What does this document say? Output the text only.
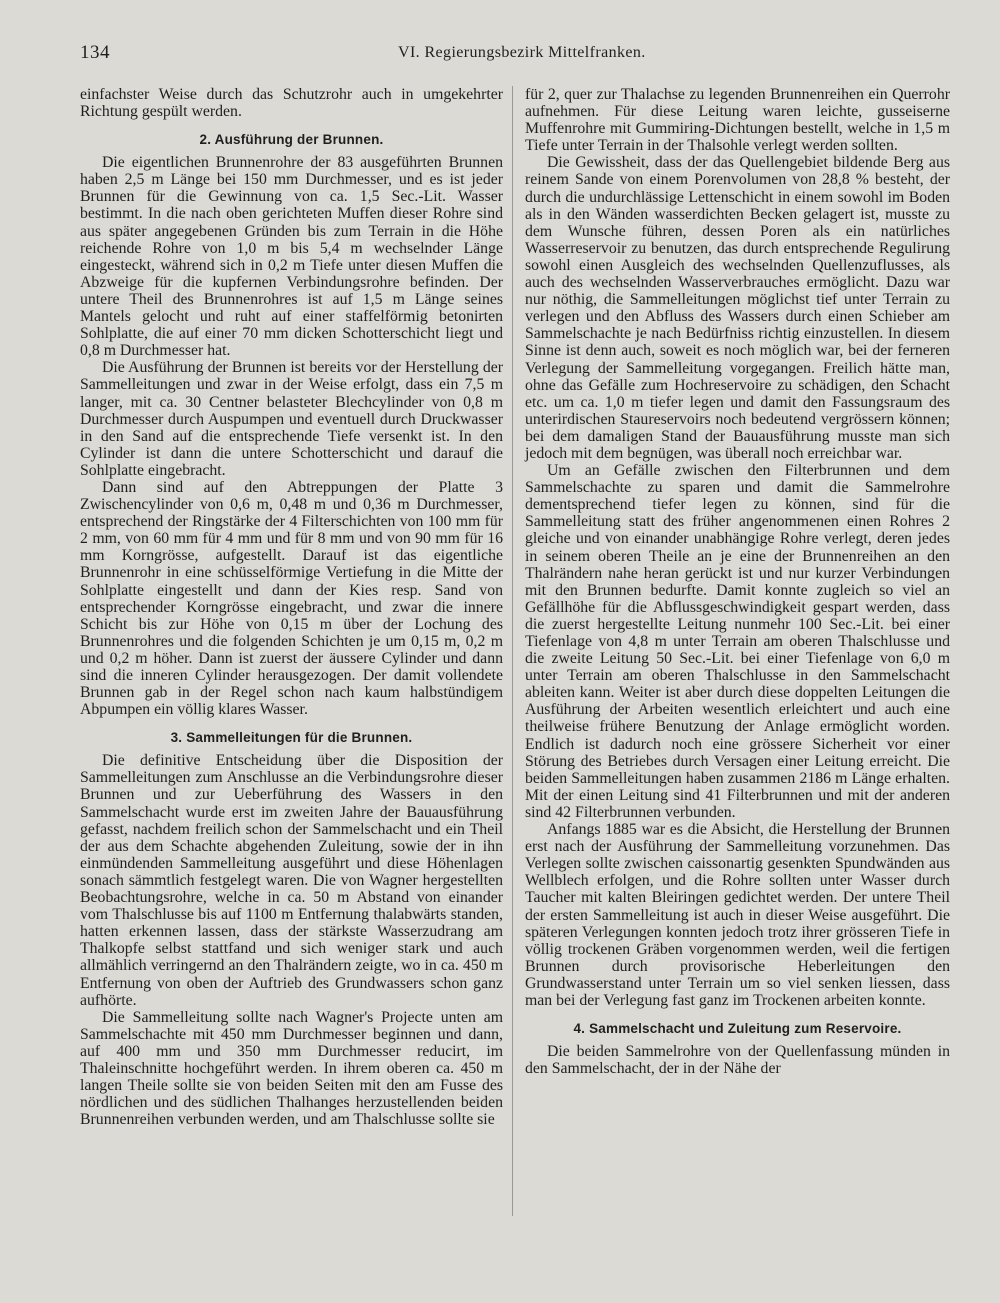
134	VI. Regierungsbezirk Mittelfranken.

einfachster Weise durch das Schutzrohr auch in umgekehrter Richtung gespült werden.

2. Ausführung der Brunnen.

Die eigentlichen Brunnenrohre der 83 ausgeführten Brunnen haben 2,5 m Länge bei 150 mm Durchmesser, und es ist jeder Brunnen für die Gewinnung von ca. 1,5 Sec.-Lit. Wasser bestimmt. In die nach oben gerichteten Muffen dieser Rohre sind aus später angegebenen Gründen bis zum Terrain in die Höhe reichende Rohre von 1,0 m bis 5,4 m wechselnder Länge eingesteckt, während sich in 0,2 m Tiefe unter diesen Muffen die Abzweige für die kupfernen Verbindungsrohre befinden. Der untere Theil des Brunnenrohres ist auf 1,5 m Länge seines Mantels gelocht und ruht auf einer staffelförmig betonirten Sohlplatte, die auf einer 70 mm dicken Schotterschicht liegt und 0,8 m Durchmesser hat.

Die Ausführung der Brunnen ist bereits vor der Herstellung der Sammelleitungen und zwar in der Weise erfolgt, dass ein 7,5 m langer, mit ca. 30 Centner belasteter Blechcylinder von 0,8 m Durchmesser durch Auspumpen und eventuell durch Druckwasser in den Sand auf die entsprechende Tiefe versenkt ist. In den Cylinder ist dann die untere Schotterschicht und darauf die Sohlplatte eingebracht.

Dann sind auf den Abtreppungen der Platte 3 Zwischencylinder von 0,6 m, 0,48 m und 0,36 m Durchmesser, entsprechend der Ringstärke der 4 Filterschichten von 100 mm für 2 mm, von 60 mm für 4 mm und für 8 mm und von 90 mm für 16 mm Korngrösse, aufgestellt. Darauf ist das eigentliche Brunnenrohr in eine schüsselförmige Vertiefung in die Mitte der Sohlplatte eingestellt und dann der Kies resp. Sand von entsprechender Korngrösse eingebracht, und zwar die innere Schicht bis zur Höhe von 0,15 m über der Lochung des Brunnenrohres und die folgenden Schichten je um 0,15 m, 0,2 m und 0,2 m höher. Dann ist zuerst der äussere Cylinder und dann sind die inneren Cylinder herausgezogen. Der damit vollendete Brunnen gab in der Regel schon nach kaum halbstündigem Abpumpen ein völlig klares Wasser.

3. Sammelleitungen für die Brunnen.

Die definitive Entscheidung über die Disposition der Sammelleitungen zum Anschlusse an die Verbindungsrohre dieser Brunnen und zur Ueberführung des Wassers in den Sammelschacht wurde erst im zweiten Jahre der Bauausführung gefasst, nachdem freilich schon der Sammelschacht und ein Theil der aus dem Schachte abgehenden Zuleitung, sowie der in ihn einmündenden Sammelleitung ausgeführt und diese Höhenlagen sonach sämmtlich festgelegt waren. Die von Wagner hergestellten Beobachtungsrohre, welche in ca. 50 m Abstand von einander vom Thalschlusse bis auf 1100 m Entfernung thalabwärts standen, hatten erkennen lassen, dass der stärkste Wasserzudrang am Thalkopfe selbst stattfand und sich weniger stark und auch allmählich verringernd an den Thalrändern zeigte, wo in ca. 450 m Entfernung von oben der Auftrieb des Grundwassers schon ganz aufhörte.

Die Sammelleitung sollte nach Wagner's Projecte unten am Sammelschachte mit 450 mm Durchmesser beginnen und dann, auf 400 mm und 350 mm Durchmesser reducirt, im Thaleinschnitte hochgeführt werden. In ihrem oberen ca. 450 m langen Theile sollte sie von beiden Seiten mit den am Fusse des nördlichen und des südlichen Thalhanges herzustellenden beiden Brunnenreihen verbunden werden, und am Thalschlusse sollte sie

für 2, quer zur Thalachse zu legenden Brunnenreihen ein Querrohr aufnehmen. Für diese Leitung waren leichte, gusseiserne Muffenrohre mit Gummiring-Dichtungen bestellt, welche in 1,5 m Tiefe unter Terrain in der Thalsohle verlegt werden sollten.

Die Gewissheit, dass der das Quellengebiet bildende Berg aus reinem Sande von einem Porenvolumen von 28,8 % besteht, der durch die undurchlässige Lettenschicht in einem sowohl im Boden als in den Wänden wasserdichten Becken gelagert ist, musste zu dem Wunsche führen, dessen Poren als ein natürliches Wasserreservoir zu benutzen, das durch entsprechende Regulirung sowohl einen Ausgleich des wechselnden Quellenzuflusses, als auch des wechselnden Wasserverbrauches ermöglicht. Dazu war nur nöthig, die Sammelleitungen möglichst tief unter Terrain zu verlegen und den Abfluss des Wassers durch einen Schieber am Sammelschachte je nach Bedürfniss richtig einzustellen. In diesem Sinne ist denn auch, soweit es noch möglich war, bei der ferneren Verlegung der Sammelleitung vorgegangen. Freilich hätte man, ohne das Gefälle zum Hochreservoire zu schädigen, den Schacht etc. um ca. 1,0 m tiefer legen und damit den Fassungsraum des unterirdischen Staureservoirs noch bedeutend vergrössern können; bei dem damaligen Stand der Bauausführung musste man sich jedoch mit dem begnügen, was überall noch erreichbar war.

Um an Gefälle zwischen den Filterbrunnen und dem Sammelschachte zu sparen und damit die Sammelrohre dementsprechend tiefer legen zu können, sind für die Sammelleitung statt des früher angenommenen einen Rohres 2 gleiche und von einander unabhängige Rohre verlegt, deren jedes in seinem oberen Theile an je eine der Brunnenreihen an den Thalrändern nahe heran gerückt ist und nur kurzer Verbindungen mit den Brunnen bedurfte. Damit konnte zugleich so viel an Gefällhöhe für die Abflussgeschwindigkeit gespart werden, dass die zuerst hergestellte Leitung nunmehr 100 Sec.-Lit. bei einer Tiefenlage von 4,8 m unter Terrain am oberen Thalschlusse und die zweite Leitung 50 Sec.-Lit. bei einer Tiefenlage von 6,0 m unter Terrain am oberen Thalschlusse in den Sammelschacht ableiten kann. Weiter ist aber durch diese doppelten Leitungen die Ausführung der Arbeiten wesentlich erleichtert und auch eine theilweise frühere Benutzung der Anlage ermöglicht worden. Endlich ist dadurch noch eine grössere Sicherheit vor einer Störung des Betriebes durch Versagen einer Leitung erreicht. Die beiden Sammelleitungen haben zusammen 2186 m Länge erhalten. Mit der einen Leitung sind 41 Filterbrunnen und mit der anderen sind 42 Filterbrunnen verbunden.

Anfangs 1885 war es die Absicht, die Herstellung der Brunnen erst nach der Ausführung der Sammelleitung vorzunehmen. Das Verlegen sollte zwischen caissonartig gesenkten Spundwänden aus Wellblech erfolgen, und die Rohre sollten unter Wasser durch Taucher mit kalten Bleiringen gedichtet werden. Der untere Theil der ersten Sammelleitung ist auch in dieser Weise ausgeführt. Die späteren Verlegungen konnten jedoch trotz ihrer grösseren Tiefe in völlig trockenen Gräben vorgenommen werden, weil die fertigen Brunnen durch provisorische Heberleitungen den Grundwasserstand unter Terrain um so viel senken liessen, dass man bei der Verlegung fast ganz im Trockenen arbeiten konnte.

4. Sammelschacht und Zuleitung zum Reservoire.

Die beiden Sammelrohre von der Quellenfassung münden in den Sammelschacht, der in der Nähe der
